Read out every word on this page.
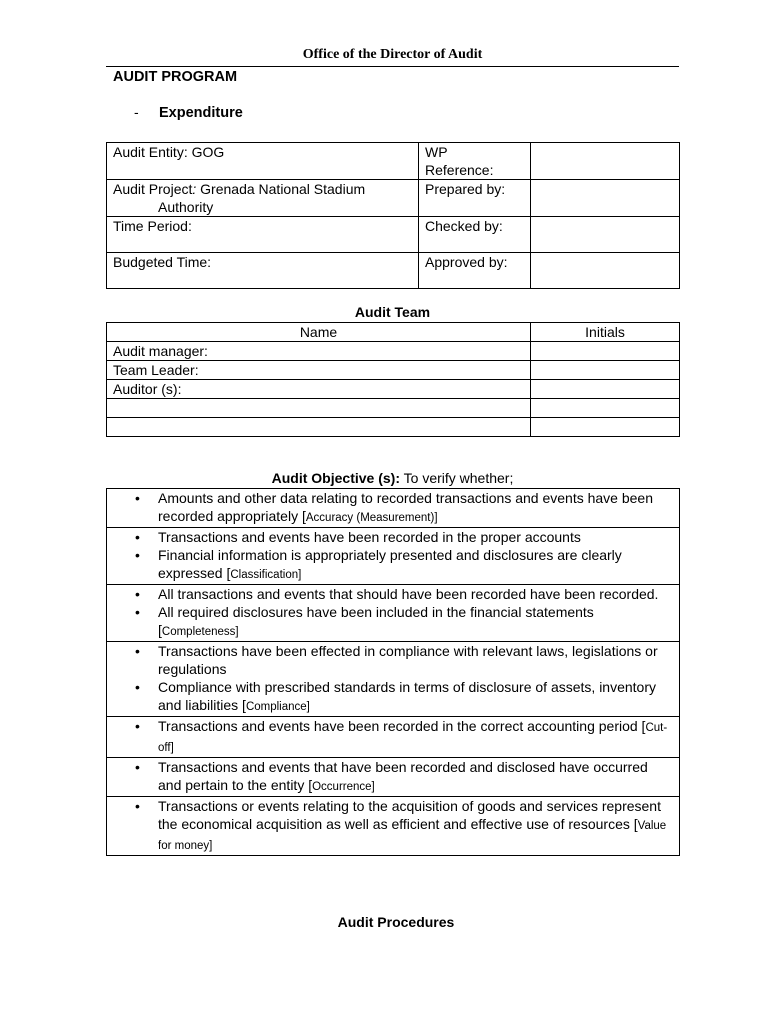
Office of the Director of Audit
AUDIT PROGRAM
- Expenditure
Audit Entity: GOG	WP
Reference:	

Audit Project: Grenada National Stadium
Authority	Prepared by:	
Time Period:	Checked by:	
Budgeted Time:	Approved by:	
Audit Team
Name	Initials
Audit manager:	
Team Leader:	
Auditor (s):	

Audit Objective (s): To verify whether;
• Amounts and other data relating to recorded transactions and events have been recorded appropriately [Accuracy (Measurement)]

• Transactions and events have been recorded in the proper accounts
• Financial information is appropriately presented and disclosures are clearly expressed [Classification]

• All transactions and events that should have been recorded have been recorded.
• All required disclosures have been included in the financial statements [Completeness]

• Transactions have been effected in compliance with relevant laws, legislations or regulations
• Compliance with prescribed standards in terms of disclosure of assets, inventory and liabilities [Compliance]

• Transactions and events have been recorded in the correct accounting period [Cut-off]

• Transactions and events that have been recorded and disclosed have occurred and pertain to the entity [Occurrence]

• Transactions or events relating to the acquisition of goods and services represent the economical acquisition as well as efficient and effective use of resources [Value for money]
Audit Procedures
